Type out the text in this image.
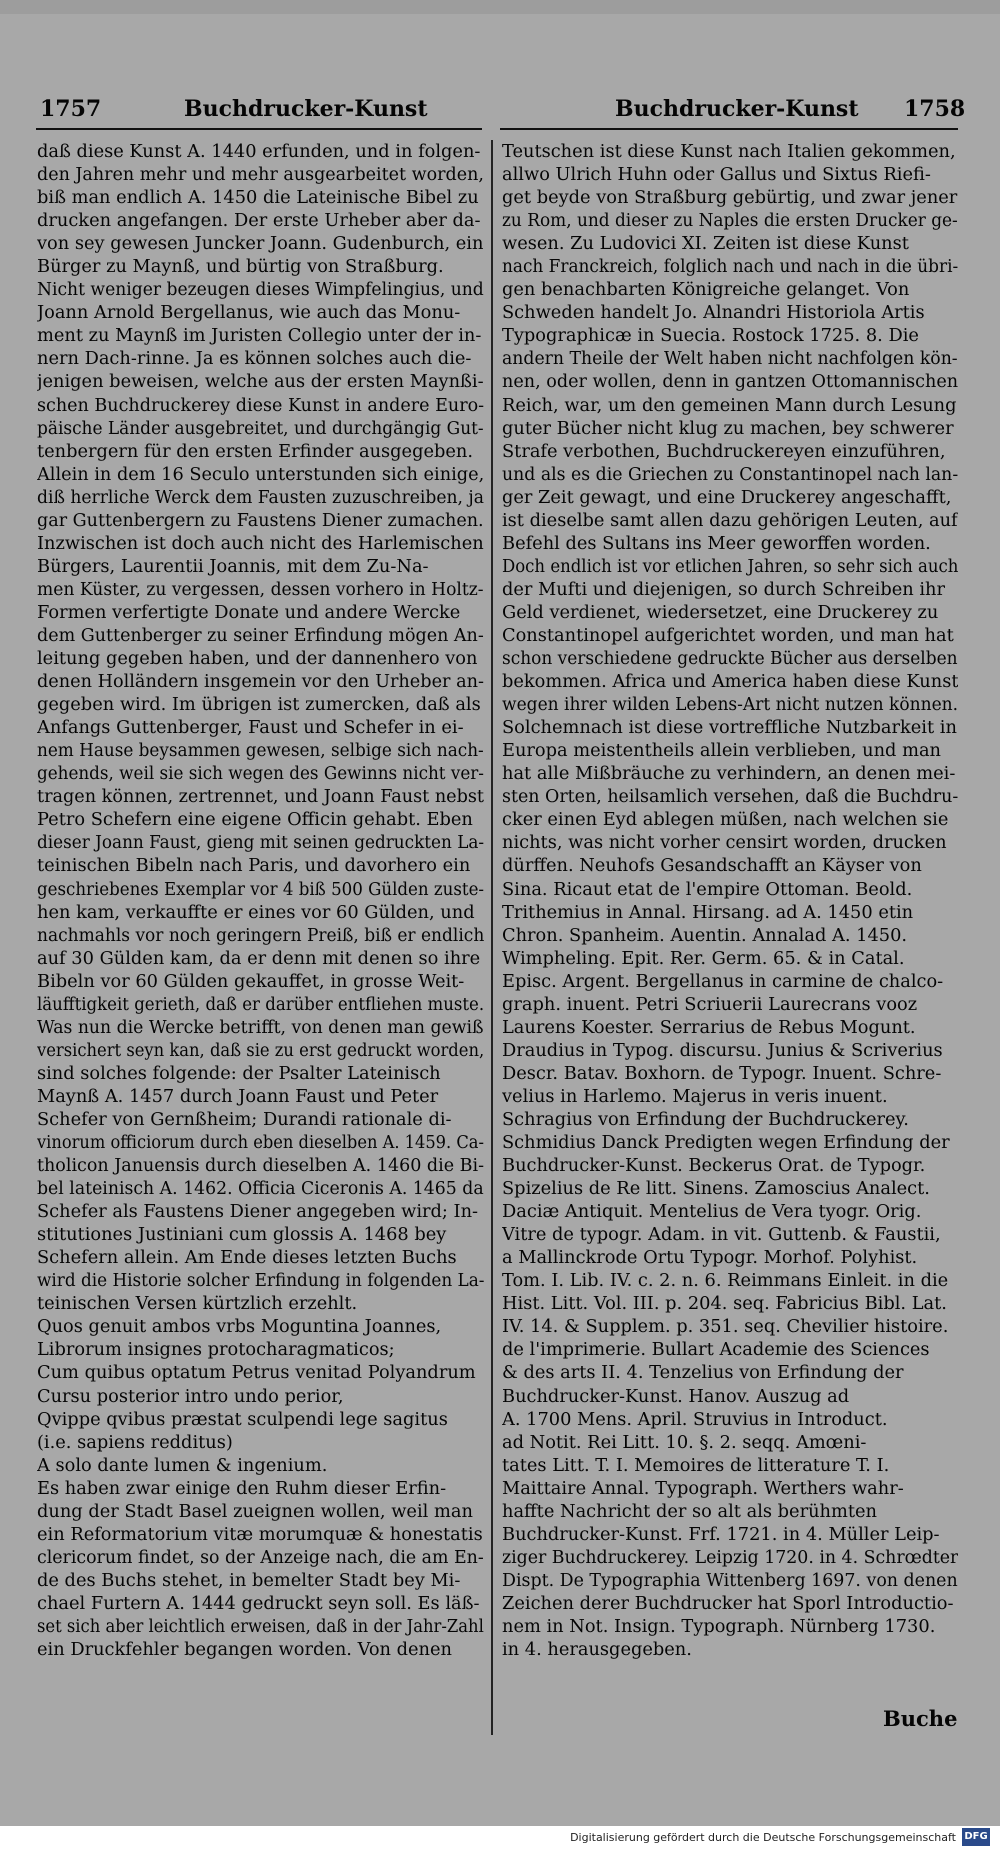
1757	Buchdrucker-Kunst	Buchdrucker-Kunst 1758
daß diese Kunst A. 1440 erfunden, und in folgen-
den Jahren mehr und mehr ausgearbeitet worden,
biß man endlich A. 1450 die Lateinische Bibel zu
drucken angefangen. Der erste Urheber aber da-
von sey gewesen Juncker Joann. Gudenburch, ein
Bürger zu Maynß, und bürtig von Straßburg.
Nicht weniger bezeugen dieses Wimpfelingius, und
Joann Arnold Bergellanus, wie auch das Monu-
ment zu Maynß im Juristen Collegio unter der in-
nern Dach-rinne. Ja es können solches auch die-
jenigen beweisen, welche aus der ersten Maynßi-
schen Buchdruckerey diese Kunst in andere Euro-
päische Länder ausgebreitet, und durchgängig Gut-
tenbergern für den ersten Erfinder ausgegeben.
Allein in dem 16 Seculo unterstunden sich einige,
diß herrliche Werck dem Fausten zuzuschreiben, ja
gar Guttenbergern zu Faustens Diener zumachen.
Inzwischen ist doch auch nicht des Harlemischen
Bürgers, Laurentii Joannis, mit dem Zu-Na-
men Küster, zu vergessen, dessen vorhero in Holtz-
Formen verfertigte Donate und andere Wercke
dem Guttenberger zu seiner Erfindung mögen An-
leitung gegeben haben, und der dannenhero von
denen Holländern insgemein vor den Urheber an-
gegeben wird. Im übrigen ist zumercken, daß als
Anfangs Guttenberger, Faust und Schefer in ei-
nem Hause beysammen gewesen, selbige sich nach-
gehends, weil sie sich wegen des Gewinns nicht ver-
tragen können, zertrennet, und Joann Faust nebst
Petro Schefern eine eigene Officin gehabt. Eben
dieser Joann Faust, gieng mit seinen gedruckten La-
teinischen Bibeln nach Paris, und davorhero ein
geschriebenes Exemplar vor 4 biß 500 Gülden zuste-
hen kam, verkauffte er eines vor 60 Gülden, und
nachmahls vor noch geringern Preiß, biß er endlich
auf 30 Gülden kam, da er denn mit denen so ihre
Bibeln vor 60 Gülden gekauffet, in grosse Weit-
läufftigkeit gerieth, daß er darüber entfliehen muste.
Was nun die Wercke betrifft, von denen man gewiß
versichert seyn kan, daß sie zu erst gedruckt worden,
sind solches folgende: der Psalter Lateinisch
Maynß A. 1457 durch Joann Faust und Peter
Schefer von Gernßheim; Durandi rationale di-
vinorum officiorum durch eben dieselben A. 1459. Ca-
tholicon Januensis durch dieselben A. 1460 die Bi-
bel lateinisch A. 1462. Officia Ciceronis A. 1465 da
Schefer als Faustens Diener angegeben wird; In-
stitutiones Justiniani cum glossis A. 1468 bey
Schefern allein. Am Ende dieses letzten Buchs
wird die Historie solcher Erfindung in folgenden La-
teinischen Versen kürtzlich erzehlt.
Quos genuit ambos vrbs Moguntina Joannes,
Librorum insignes protocharagmaticos;
Cum quibus optatum Petrus venitad Polyandrum
Cursu posterior intro undo perior,
Qvippe qvibus præstat sculpendi lege sagitus
(i.e. sapiens redditus)
A solo dante lumen & ingenium.
Es haben zwar einige den Ruhm dieser Erfin-
dung der Stadt Basel zueignen wollen, weil man
ein Reformatorium vitæ morumquæ & honestatis
clericorum findet, so der Anzeige nach, die am En-
de des Buchs stehet, in bemelter Stadt bey Mi-
chael Furtern A. 1444 gedruckt seyn soll. Es läß-
set sich aber leichtlich erweisen, daß in der Jahr-Zahl
ein Druckfehler begangen worden. Von denen
Teutschen ist diese Kunst nach Italien gekommen,
allwo Ulrich Huhn oder Gallus und Sixtus Riefi-
get beyde von Straßburg gebürtig, und zwar jener
zu Rom, und dieser zu Naples die ersten Drucker ge-
wesen. Zu Ludovici XI. Zeiten ist diese Kunst
nach Franckreich, folglich nach und nach in die übri-
gen benachbarten Königreiche gelanget. Von
Schweden handelt Jo. Alnandri Historiola Artis
Typographicæ in Suecia. Rostock 1725. 8. Die
andern Theile der Welt haben nicht nachfolgen kön-
nen, oder wollen, denn in gantzen Ottomannischen
Reich, war, um den gemeinen Mann durch Lesung
guter Bücher nicht klug zu machen, bey schwerer
Strafe verbothen, Buchdruckereyen einzuführen,
und als es die Griechen zu Constantinopel nach lan-
ger Zeit gewagt, und eine Druckerey angeschafft,
ist dieselbe samt allen dazu gehörigen Leuten, auf
Befehl des Sultans ins Meer geworffen worden.
Doch endlich ist vor etlichen Jahren, so sehr sich auch
der Mufti und diejenigen, so durch Schreiben ihr
Geld verdienet, wiedersetzet, eine Druckerey zu
Constantinopel aufgerichtet worden, und man hat
schon verschiedene gedruckte Bücher aus derselben
bekommen. Africa und America haben diese Kunst
wegen ihrer wilden Lebens-Art nicht nutzen können.
Solchemnach ist diese vortreffliche Nutzbarkeit in
Europa meistentheils allein verblieben, und man
hat alle Mißbräuche zu verhindern, an denen mei-
sten Orten, heilsamlich versehen, daß die Buchdru-
cker einen Eyd ablegen müßen, nach welchen sie
nichts, was nicht vorher censirt worden, drucken
dürffen. Neuhofs Gesandschafft an Käyser von
Sina. Ricaut etat de l'empire Ottoman. Beold.
Trithemius in Annal. Hirsang. ad A. 1450 etin
Chron. Spanheim. Auentin. Annalad A. 1450.
Wimpheling. Epit. Rer. Germ. 65. & in Catal.
Episc. Argent. Bergellanus in carmine de chalco-
graph. inuent. Petri Scriuerii Laurecrans vooz
Laurens Koester. Serrarius de Rebus Mogunt.
Draudius in Typog. discursu. Junius & Scriverius
Descr. Batav. Boxhorn. de Typogr. Inuent. Schre-
velius in Harlemo. Majerus in veris inuent.
Schragius von Erfindung der Buchdruckerey.
Schmidius Danck Predigten wegen Erfindung der
Buchdrucker-Kunst. Beckerus Orat. de Typogr.
Spizelius de Re litt. Sinens. Zamoscius Analect.
Daciæ Antiquit. Mentelius de Vera tyogr. Orig.
Vitre de typogr. Adam. in vit. Guttenb. & Faustii,
a Mallinckrode Ortu Typogr. Morhof. Polyhist.
Tom. I. Lib. IV. c. 2. n. 6. Reimmans Einleit. in die
Hist. Litt. Vol. III. p. 204. seq. Fabricius Bibl. Lat.
IV. 14. & Supplem. p. 351. seq. Chevilier histoire.
de l'imprimerie. Bullart Academie des Sciences
& des arts II. 4. Tenzelius von Erfindung der
Buchdrucker-Kunst. Hanov. Auszug ad
A. 1700 Mens. April. Struvius in Introduct.
ad Notit. Rei Litt. 10. §. 2. seqq. Amœni-
tates Litt. T. I. Memoires de litterature T. I.
Maittaire Annal. Typograph. Werthers wahr-
haffte Nachricht der so alt als berühmten
Buchdrucker-Kunst. Frf. 1721. in 4. Müller Leip-
ziger Buchdruckerey. Leipzig 1720. in 4. Schrœdter
Dispt. De Typographia Wittenberg 1697. von denen
Zeichen derer Buchdrucker hat Sporl Introductio-
nem in Not. Insign. Typograph. Nürnberg 1730.
in 4. herausgegeben.
Buche
Digitalisierung gefördert durch die Deutsche Forschungsgemeinschaft DFG
